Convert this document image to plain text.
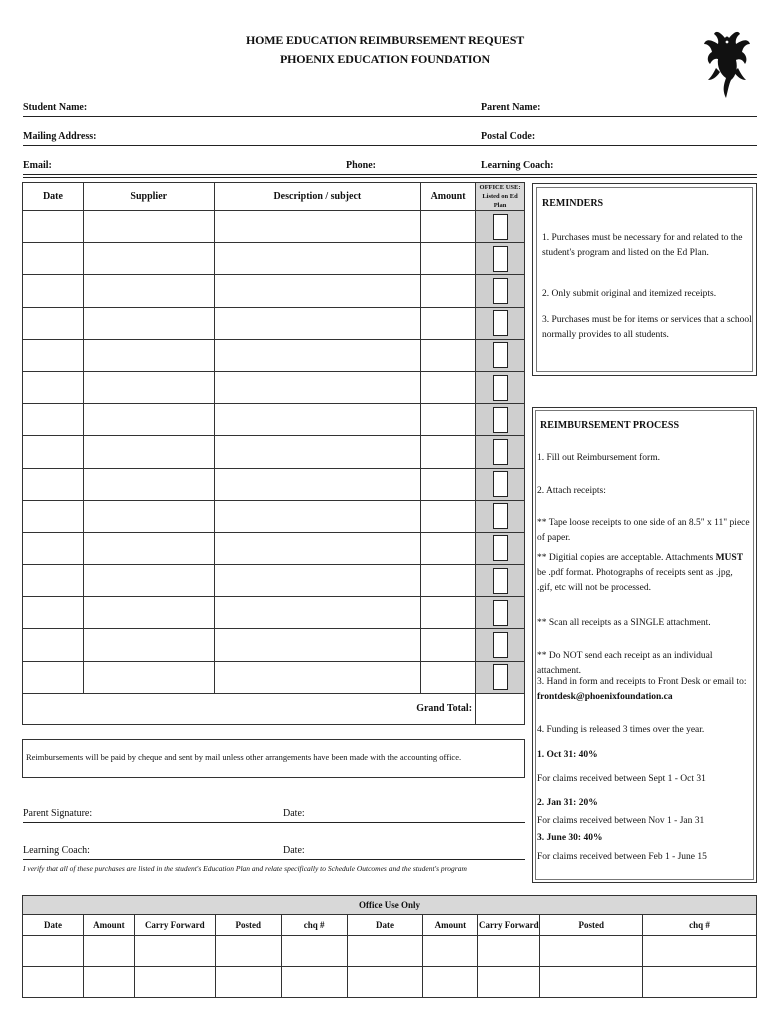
HOME EDUCATION REIMBURSEMENT REQUEST
PHOENIX EDUCATION FOUNDATION
Student Name:	Parent Name:
Mailing Address:	Postal Code:
Email:	Phone:	Learning Coach:
Date	Supplier	Description / subject	Amount	OFFICE USE:
Listed on Ed Plan

Grand Total:				
Reimbursements will be paid by cheque and sent by mail unless other arrangements have been made with the accounting office.
Parent Signature:	Date:
Learning Coach:	Date:
I verify that all of these purchases are listed in the student's Education Plan and relate specifically to Schedule Outcomes and the student's program
REMINDERS
1. Purchases must be necessary for and related to the student's program and listed on the Ed Plan.
2. Only submit original and itemized receipts.
3. Purchases must be for items or services that a school normally provides to all students.
REIMBURSEMENT PROCESS
1. Fill out Reimbursement form.
2. Attach receipts:
** Tape loose receipts to one side of an 8.5" x 11" piece of paper.
** Digitial copies are acceptable. Attachments MUST be .pdf format. Photographs of receipts sent as .jpg, .gif, etc will not be processed.
** Scan all receipts as a SINGLE attachment.
** Do NOT send each receipt as an individual attachment.
3. Hand in form and receipts to Front Desk or email to:
frontdesk@phoenixfoundation.ca
4. Funding is released 3 times over the year.
1. Oct 31: 40%
For claims received between Sept 1 - Oct 31
2. Jan 31: 20%
For claims received between Nov 1 - Jan 31
3. June 30: 40%
For claims received between Feb 1 - June 15
Office Use Only									
Date	Amount	Carry Forward	Posted	chq #	Date	Amount	Carry Forward	Posted	chq #
